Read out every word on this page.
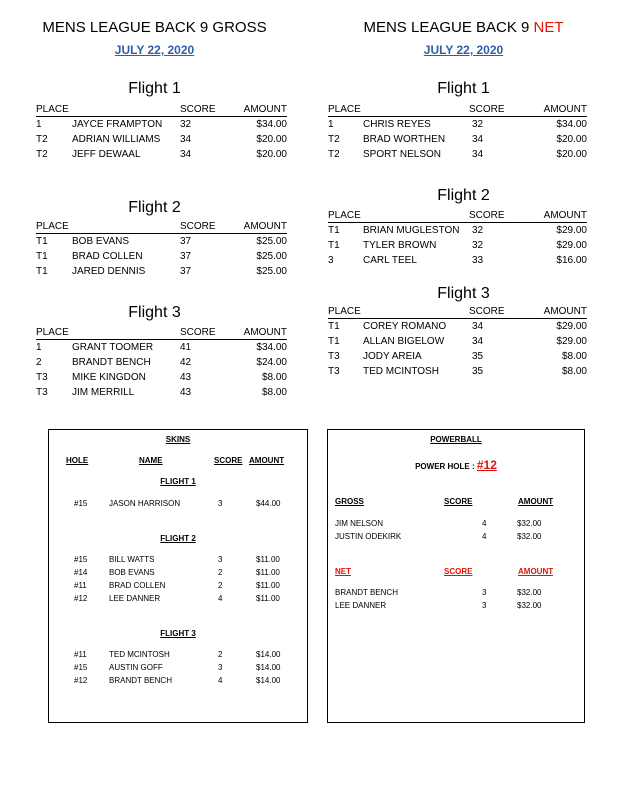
MENS LEAGUE BACK 9 GROSS
JULY 22, 2020
Flight 1
PLACE	SCORE	AMOUNT
1	JAYCE FRAMPTON 32	$34.00
T2 ADRIAN WILLIAMS 34	$20.00
T2 JEFF DEWAAL	34	$20.00
Flight 2
PLACE	SCORE	AMOUNT
T1 BOB EVANS	37	$25.00
T1 BRAD COLLEN	37	$25.00
T1 JARED DENNIS	37	$25.00
Flight 3
PLACE	SCORE	AMOUNT
1	GRANT TOOMER	41	$34.00
2	BRANDT BENCH	42	$24.00
T3 MIKE KINGDON	43	$8.00
T3 JIM MERRILL	43	$8.00
MENS LEAGUE BACK 9 NET
JULY 22, 2020
Flight 1
PLACE	SCORE	AMOUNT
1	CHRIS REYES	32	$34.00
T2 BRAD WORTHEN	34	$20.00
T2 SPORT NELSON	34	$20.00
Flight 2
PLACE	SCORE	AMOUNT
T1 BRIAN MUGLESTON 32	$29.00
T1 TYLER BROWN	32	$29.00
3	CARL TEEL	33	$16.00
Flight 3
PLACE	SCORE	AMOUNT
T1 COREY ROMANO	34	$29.00
T1 ALLAN BIGELOW	34	$29.00
T3 JODY AREIA	35	$8.00
T3 TED MCINTOSH	35	$8.00
SKINS
HOLE	NAME	SCORE AMOUNT
FLIGHT 1
#15	JASON HARRISON	3	$44.00
FLIGHT 2
#15	BILL WATTS	3	$11.00
#14	BOB EVANS	2	$11.00
#11	BRAD COLLEN	2	$11.00
#12	LEE DANNER	4	$11.00
FLIGHT 3
#11	TED MCINTOSH	2	$14.00
#15	AUSTIN GOFF	3	$14.00
#12	BRANDT BENCH	4	$14.00
POWERBALL
POWER HOLE : #12
GROSS	SCORE	AMOUNT
JIM NELSON	4	$32.00
JUSTIN ODEKIRK	4	$32.00
NET	SCORE	AMOUNT
BRANDT BENCH	3	$32.00
LEE DANNER	3	$32.00
